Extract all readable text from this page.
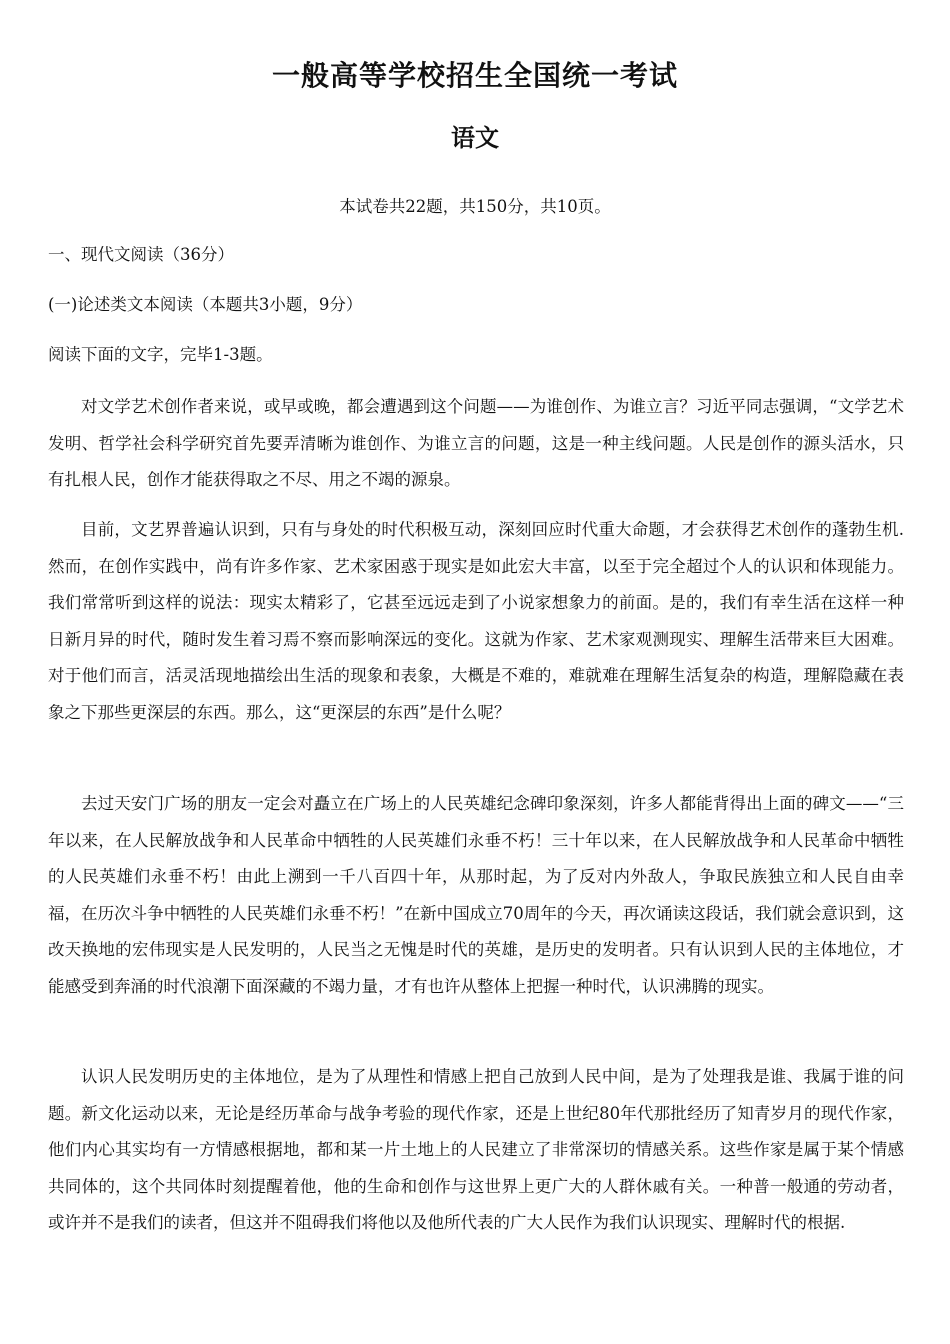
一般高等学校招生全国统一考试
语文

本试卷共22题，共150分，共10页。

一、现代文阅读（36分）

(一)论述类文本阅读（本题共3小题，9分）

阅读下面的文字，完毕1-3题。

对文学艺术创作者来说，或早或晚，都会遭遇到这个问题——为谁创作、为谁立言？习近平同志强调，“文学艺术发明、哲学社会科学研究首先要弄清晰为谁创作、为谁立言的问题，这是一种主线问题。人民是创作的源头活水，只有扎根人民，创作才能获得取之不尽、用之不竭的源泉。

目前，文艺界普遍认识到，只有与身处的时代积极互动，深刻回应时代重大命题，才会获得艺术创作的蓬勃生机.然而，在创作实践中，尚有许多作家、艺术家困惑于现实是如此宏大丰富，以至于完全超过个人的认识和体现能力。我们常常听到这样的说法：现实太精彩了，它甚至远远走到了小说家想象力的前面。是的，我们有幸生活在这样一种日新月异的时代，随时发生着习焉不察而影响深远的变化。这就为作家、艺术家观测现实、理解生活带来巨大困难。对于他们而言，活灵活现地描绘出生活的现象和表象，大概是不难的，难就难在理解生活复杂的构造，理解隐藏在表象之下那些更深层的东西。那么，这“更深层的东西”是什么呢？

去过天安门广场的朋友一定会对矗立在广场上的人民英雄纪念碑印象深刻，许多人都能背得出上面的碑文——“三年以来，在人民解放战争和人民革命中牺牲的人民英雄们永垂不朽！三十年以来，在人民解放战争和人民革命中牺牲的人民英雄们永垂不朽！由此上溯到一千八百四十年，从那时起，为了反对内外敌人，争取民族独立和人民自由幸福，在历次斗争中牺牲的人民英雄们永垂不朽！”在新中国成立70周年的今天，再次诵读这段话，我们就会意识到，这改天换地的宏伟现实是人民发明的，人民当之无愧是时代的英雄，是历史的发明者。只有认识到人民的主体地位，才能感受到奔涌的时代浪潮下面深藏的不竭力量，才有也许从整体上把握一种时代，认识沸腾的现实。

认识人民发明历史的主体地位，是为了从理性和情感上把自己放到人民中间，是为了处理我是谁、我属于谁的问题。新文化运动以来，无论是经历革命与战争考验的现代作家，还是上世纪80年代那批经历了知青岁月的现代作家，他们内心其实均有一方情感根据地，都和某一片土地上的人民建立了非常深切的情感关系。这些作家是属于某个情感共同体的，这个共同体时刻提醒着他，他的生命和创作与这世界上更广大的人群休戚有关。一种普一般通的劳动者，或许并不是我们的读者，但这并不阻碍我们将他以及他所代表的广大人民作为我们认识现实、理解时代的根据.
